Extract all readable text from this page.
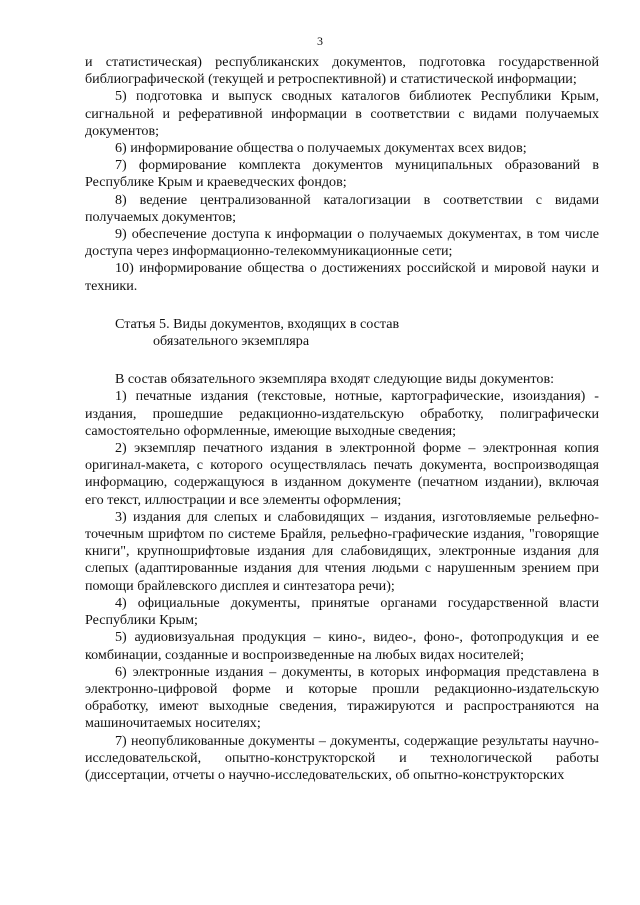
3

и статистическая) республиканских документов, подготовка государственной библиографической (текущей и ретроспективной) и статистической информации;

5) подготовка и выпуск сводных каталогов библиотек Республики Крым, сигнальной и реферативной информации в соответствии с видами получаемых документов;

6) информирование общества о получаемых документах всех видов;

7) формирование комплекта документов муниципальных образований в Республике Крым и краеведческих фондов;

8) ведение централизованной каталогизации в соответствии с видами получаемых документов;

9) обеспечение доступа к информации о получаемых документах, в том числе доступа через информационно-телекоммуникационные сети;

10) информирование общества о достижениях российской и мировой науки и техники.

Статья 5. Виды документов, входящих в состав

обязательного экземпляра

В состав обязательного экземпляра входят следующие виды документов:

1) печатные издания (текстовые, нотные, картографические, изоиздания) - издания, прошедшие редакционно-издательскую обработку, полиграфически самостоятельно оформленные, имеющие выходные сведения;

2) экземпляр печатного издания в электронной форме – электронная копия оригинал-макета, с которого осуществлялась печать документа, воспроизводящая информацию, содержащуюся в изданном документе (печатном издании), включая его текст, иллюстрации и все элементы оформления;

3) издания для слепых и слабовидящих – издания, изготовляемые рельефно-точечным шрифтом по системе Брайля, рельефно-графические издания, "говорящие книги", крупношрифтовые издания для слабовидящих, электронные издания для слепых (адаптированные издания для чтения людьми с нарушенным зрением при помощи брайлевского дисплея и синтезатора речи);

4) официальные документы, принятые органами государственной власти Республики Крым;

5) аудиовизуальная продукция – кино-, видео-, фоно-, фотопродукция и ее комбинации, созданные и воспроизведенные на любых видах носителей;

6) электронные издания – документы, в которых информация представлена в электронно-цифровой форме и которые прошли редакционно-издательскую обработку, имеют выходные сведения, тиражируются и распространяются на машиночитаемых носителях;

7) неопубликованные документы – документы, содержащие результаты научно-исследовательской, опытно-конструкторской и технологической работы (диссертации, отчеты о научно-исследовательских, об опытно-конструкторских
